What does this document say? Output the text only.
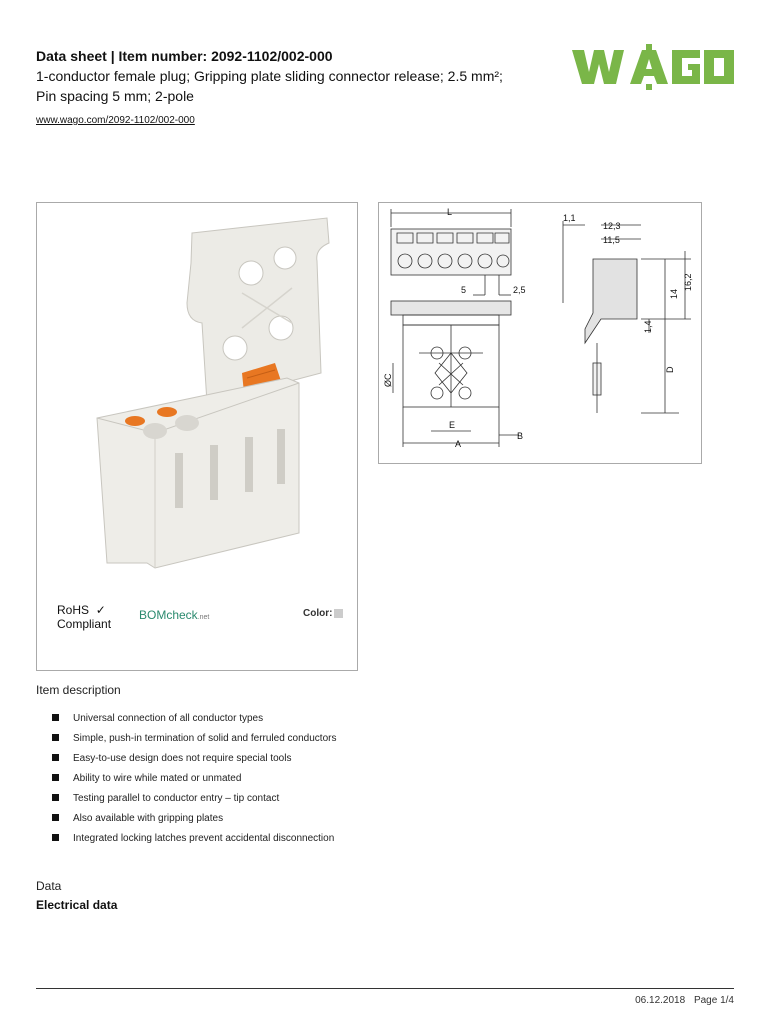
Data sheet | Item number: 2092-1102/002-000
1-conductor female plug; Gripping plate sliding connector release; 2.5 mm²;
Pin spacing 5 mm; 2-pole
www.wago.com/2092-1102/002-000
RoHS ✓
Compliant
BOMcheck.net	Color:
L
5	2,5
ØC
E
A
B
1,1
12,3
11,5
14
16,2
1,4
D
Item description
Universal connection of all conductor types
Simple, push-in termination of solid and ferruled conductors
Easy-to-use design does not require special tools
Ability to wire while mated or unmated
Testing parallel to conductor entry – tip contact
Also available with gripping plates
Integrated locking latches prevent accidental disconnection
Data
Electrical data
06.12.2018 Page 1/4
